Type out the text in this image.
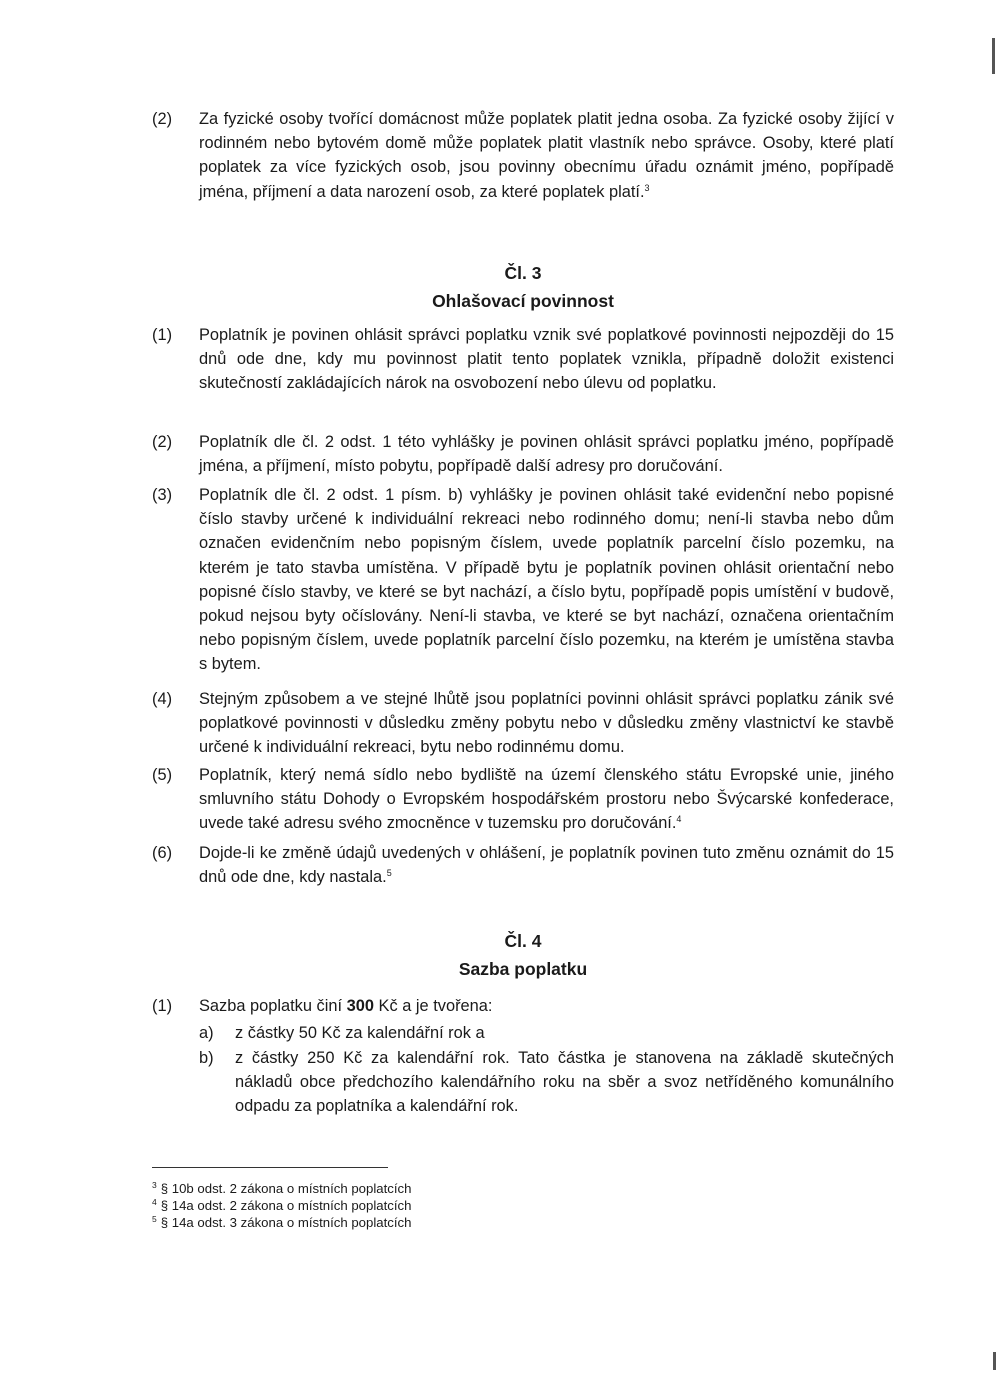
(2)	Za fyzické osoby tvořící domácnost může poplatek platit jedna osoba. Za fyzické osoby žijící v rodinném nebo bytovém domě může poplatek platit vlastník nebo správce. Osoby, které platí poplatek za více fyzických osob, jsou povinny obecnímu úřadu oznámit jméno, popřípadě jména, příjmení a data narození osob, za které poplatek platí.$^3$
Čl. 3
Ohlašovací povinnost
(1)	Poplatník je povinen ohlásit správci poplatku vznik své poplatkové povinnosti nejpozději do 15 dnů ode dne, kdy mu povinnost platit tento poplatek vznikla, případně doložit existenci skutečností zakládajících nárok na osvobození nebo úlevu od poplatku.
(2)	Poplatník dle čl. 2 odst. 1 této vyhlášky je povinen ohlásit správci poplatku jméno, popřípadě jména, a příjmení, místo pobytu, popřípadě další adresy pro doručování.
(3)	Poplatník dle čl. 2 odst. 1 písm. b) vyhlášky je povinen ohlásit také evidenční nebo popisné číslo stavby určené k individuální rekreaci nebo rodinného domu; není-li stavba nebo dům označen evidenčním nebo popisným číslem, uvede poplatník parcelní číslo pozemku, na kterém je tato stavba umístěna. V případě bytu je poplatník povinen ohlásit orientační nebo popisné číslo stavby, ve které se byt nachází, a číslo bytu, popřípadě popis umístění v budově, pokud nejsou byty očíslovány. Není-li stavba, ve které se byt nachází, označena orientačním nebo popisným číslem, uvede poplatník parcelní číslo pozemku, na kterém je umístěna stavba s bytem.
(4)	Stejným způsobem a ve stejné lhůtě jsou poplatníci povinni ohlásit správci poplatku zánik své poplatkové povinnosti v důsledku změny pobytu nebo v důsledku změny vlastnictví ke stavbě určené k individuální rekreaci, bytu nebo rodinnému domu.
(5)	Poplatník, který nemá sídlo nebo bydliště na území členského státu Evropské unie, jiného smluvního státu Dohody o Evropském hospodářském prostoru nebo Švýcarské konfederace, uvede také adresu svého zmocněnce v tuzemsku pro doručování.$^4$
(6)	Dojde-li ke změně údajů uvedených v ohlášení, je poplatník povinen tuto změnu oznámit do 15 dnů ode dne, kdy nastala.$^5$
Čl. 4
Sazba poplatku
(1)	Sazba poplatku činí 300 Kč a je tvořena:
a) z částky 50 Kč za kalendářní rok a
b) z částky 250 Kč za kalendářní rok. Tato částka je stanovena na základě skutečných nákladů obce předchozího kalendářního roku na sběr a svoz netříděného komunálního odpadu za poplatníka a kalendářní rok.
$^3$ § 10b odst. 2 zákona o místních poplatcích
$^4$ § 14a odst. 2 zákona o místních poplatcích
$^5$ § 14a odst. 3 zákona o místních poplatcích
